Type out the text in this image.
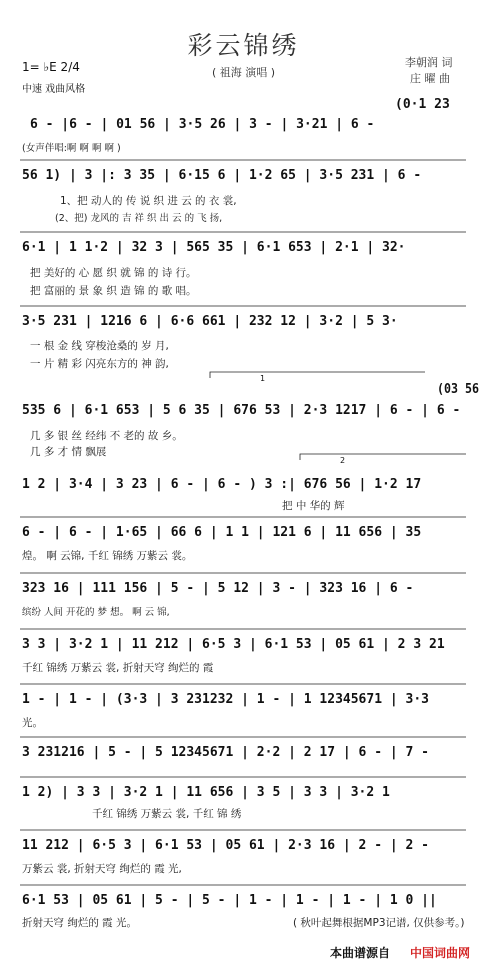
彩云锦绣
( 祖海 演唱 )
李朝润 词
庄 曜 曲
1= ♭E 2/4
中速 戏曲风格
(0·1 23
6 - |6 - | 01 56 | 3·5 26 | 3 - | 3·21 | 6 -
(女声伴唱:啊 啊 啊 啊 )
56 1) | 3 |: 3 35 | 6·15 6 | 1·2 65 | 3·5 231 | 6 -
1、把 动人的 传 说 织 进 云 的 衣 裳,
(2、把) 龙风的 吉 祥 织 出 云 的 飞 扬,
6·1 | 1 1·2 | 32 3 | 565 35 | 6·1 653 | 2·1 | 32·
把 美好的 心 愿 织 就 锦 的 诗 行。
把 富丽的 景 象 织 造 锦 的 歌 唱。
3·5 231 | 1216 6 | 6·6 661 | 232 12 | 3·2 | 5 3·
一 根 金 线 穿梭沧桑的 岁 月,
一 片 精 彩 闪亮东方的 神 韵,
(03 56
535 6 | 6·1 653 | 5 6 35 | 676 53 | 2·3 1217 | 6 - | 6 -
几 多 银 丝 经纬 不 老的 故 乡。
几 多 才 情 飘展
1 2 | 3·4 | 3 23 | 6 - | 6 - ) 3 :| 676 56 | 1·2 17
把 中 华的 辉
6 - | 6 - | 1·65 | 66 6 | 1 1 | 121 6 | 11 656 | 35
煌。 啊 云锦, 千红 锦绣 万紫云 裳。
323 16 | 111 156 | 5 - | 5 12 | 3 - | 323 16 | 6 -
缤纷 人间 开花的 梦 想。 啊 云 锦,
3 3 | 3·2 1 | 11 212 | 6·5 3 | 6·1 53 | 05 61 | 2 3 21
千红 锦绣 万紫云 裳, 折射天穹 绚烂的 霞
1 - | 1 - | (3·3 | 3 231232 | 1 - | 1 12345671 | 3·3
光。
3 231216 | 5 - | 5 12345671 | 2·2 | 2 17 | 6 - | 7 -
1 2) | 3 3 | 3·2 1 | 11 656 | 3 5 | 3 3 | 3·2 1
千红 锦绣 万紫云 裳, 千红 锦 绣
11 212 | 6·5 3 | 6·1 53 | 05 61 | 2·3 16 | 2 - | 2 -
万紫云 裳, 折射天穹 绚烂的 霞 光,
6·1 53 | 05 61 | 5 - | 5 - | 1 - | 1 - | 1 - | 1 0 ||
折射天穹 绚烂的 霞 光。	( 秋叶起舞根据MP3记谱, 仅供参考。)
1
2
本曲谱源自 中国词曲网
